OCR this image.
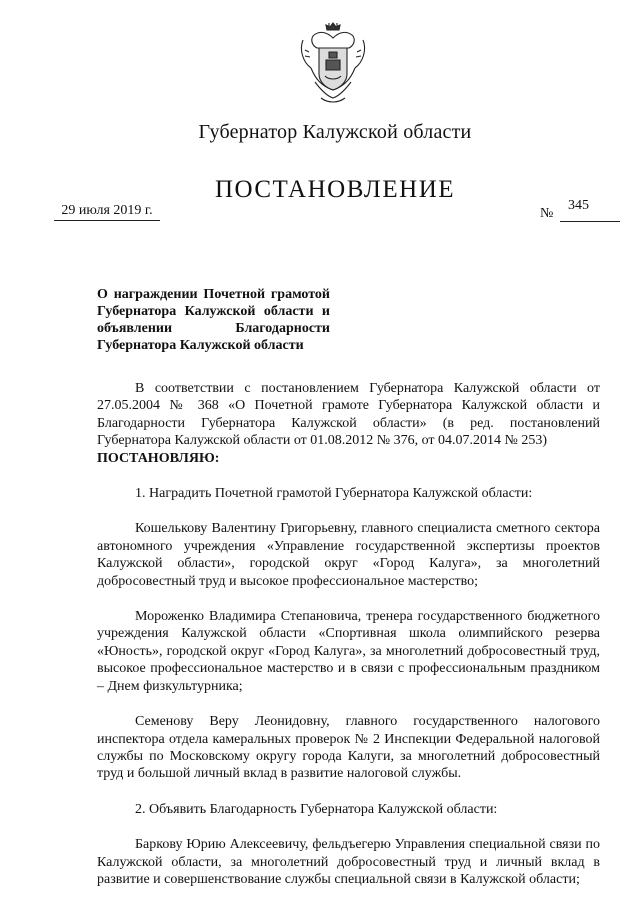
Губернатор Калужской области
ПОСТАНОВЛЕНИЕ
29 июля 2019 г.	№
345
О награждении Почетной грамотой Губернатора Калужской области и объявлении Благодарности Губернатора Калужской области

В соответствии с постановлением Губернатора Калужской области от 27.05.2004 № 368 «О Почетной грамоте Губернатора Калужской области и Благодарности Губернатора Калужской области» (в ред. постановлений Губернатора Калужской области от 01.08.2012 № 376, от 04.07.2014 № 253)

ПОСТАНОВЛЯЮ:

1. Наградить Почетной грамотой Губернатора Калужской области:

Кошелькову Валентину Григорьевну, главного специалиста сметного сектора автономного учреждения «Управление государственной экспертизы проектов Калужской области», городской округ «Город Калуга», за многолетний добросовестный труд и высокое профессиональное мастерство;

Мороженко Владимира Степановича, тренера государственного бюджетного учреждения Калужской области «Спортивная школа олимпийского резерва «Юность», городской округ «Город Калуга», за многолетний добросовестный труд, высокое профессиональное мастерство и в связи с профессиональным праздником – Днем физкультурника;

Семенову Веру Леонидовну, главного государственного налогового инспектора отдела камеральных проверок № 2 Инспекции Федеральной налоговой службы по Московскому округу города Калуги, за многолетний добросовестный труд и большой личный вклад в развитие налоговой службы.

2. Объявить Благодарность Губернатора Калужской области:

Баркову Юрию Алексеевичу, фельдъегерю Управления специальной связи по Калужской области, за многолетний добросовестный труд и личный вклад в развитие и совершенствование службы специальной связи в Калужской области;
